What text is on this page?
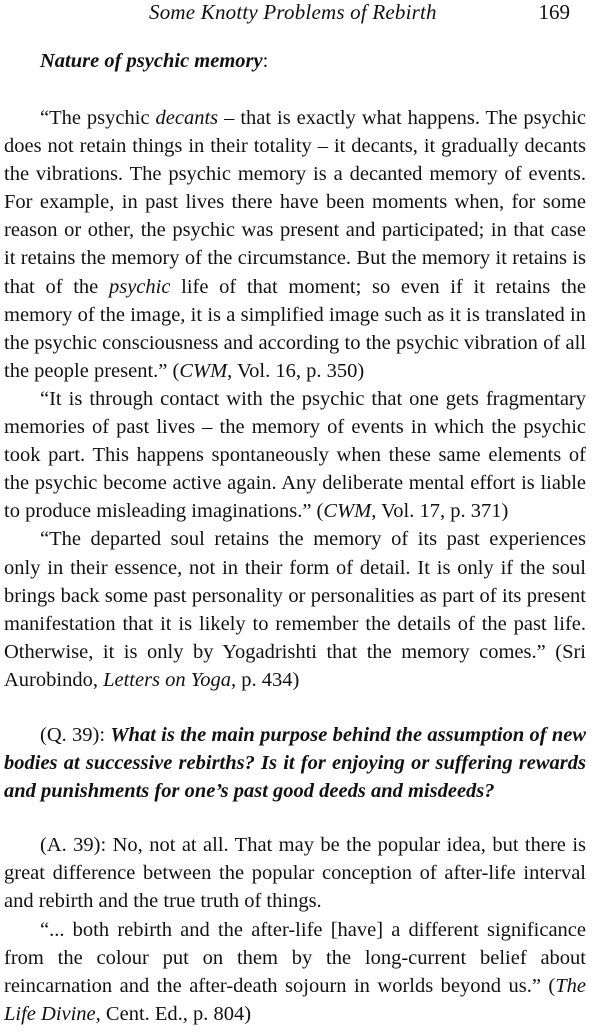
Some Knotty Problems of Rebirth	169
Nature of psychic memory:

“The psychic decants – that is exactly what happens. The psychic does not retain things in their totality – it decants, it gradually decants the vibrations. The psychic memory is a decanted memory of events. For example, in past lives there have been moments when, for some reason or other, the psychic was present and participated; in that case it retains the memory of the circumstance. But the memory it retains is that of the psychic life of that moment; so even if it retains the memory of the image, it is a simplified image such as it is translated in the psychic consciousness and according to the psychic vibration of all the people present.” (CWM, Vol. 16, p. 350)

“It is through contact with the psychic that one gets fragmentary memories of past lives – the memory of events in which the psychic took part. This happens spontaneously when these same elements of the psychic become active again. Any deliberate mental effort is liable to produce misleading imaginations.” (CWM, Vol. 17, p. 371)

“The departed soul retains the memory of its past experiences only in their essence, not in their form of detail. It is only if the soul brings back some past personality or personalities as part of its present manifestation that it is likely to remember the details of the past life. Otherwise, it is only by Yogadrishti that the memory comes.” (Sri Aurobindo, Letters on Yoga, p. 434)

(Q. 39): What is the main purpose behind the assumption of new bodies at successive rebirths? Is it for enjoying or suffering rewards and punishments for one’s past good deeds and misdeeds?

(A. 39): No, not at all. That may be the popular idea, but there is great difference between the popular conception of after-life interval and rebirth and the true truth of things.

“... both rebirth and the after-life [have] a different significance from the colour put on them by the long-current belief about reincarnation and the after-death sojourn in worlds beyond us.” (The Life Divine, Cent. Ed., p. 804)
